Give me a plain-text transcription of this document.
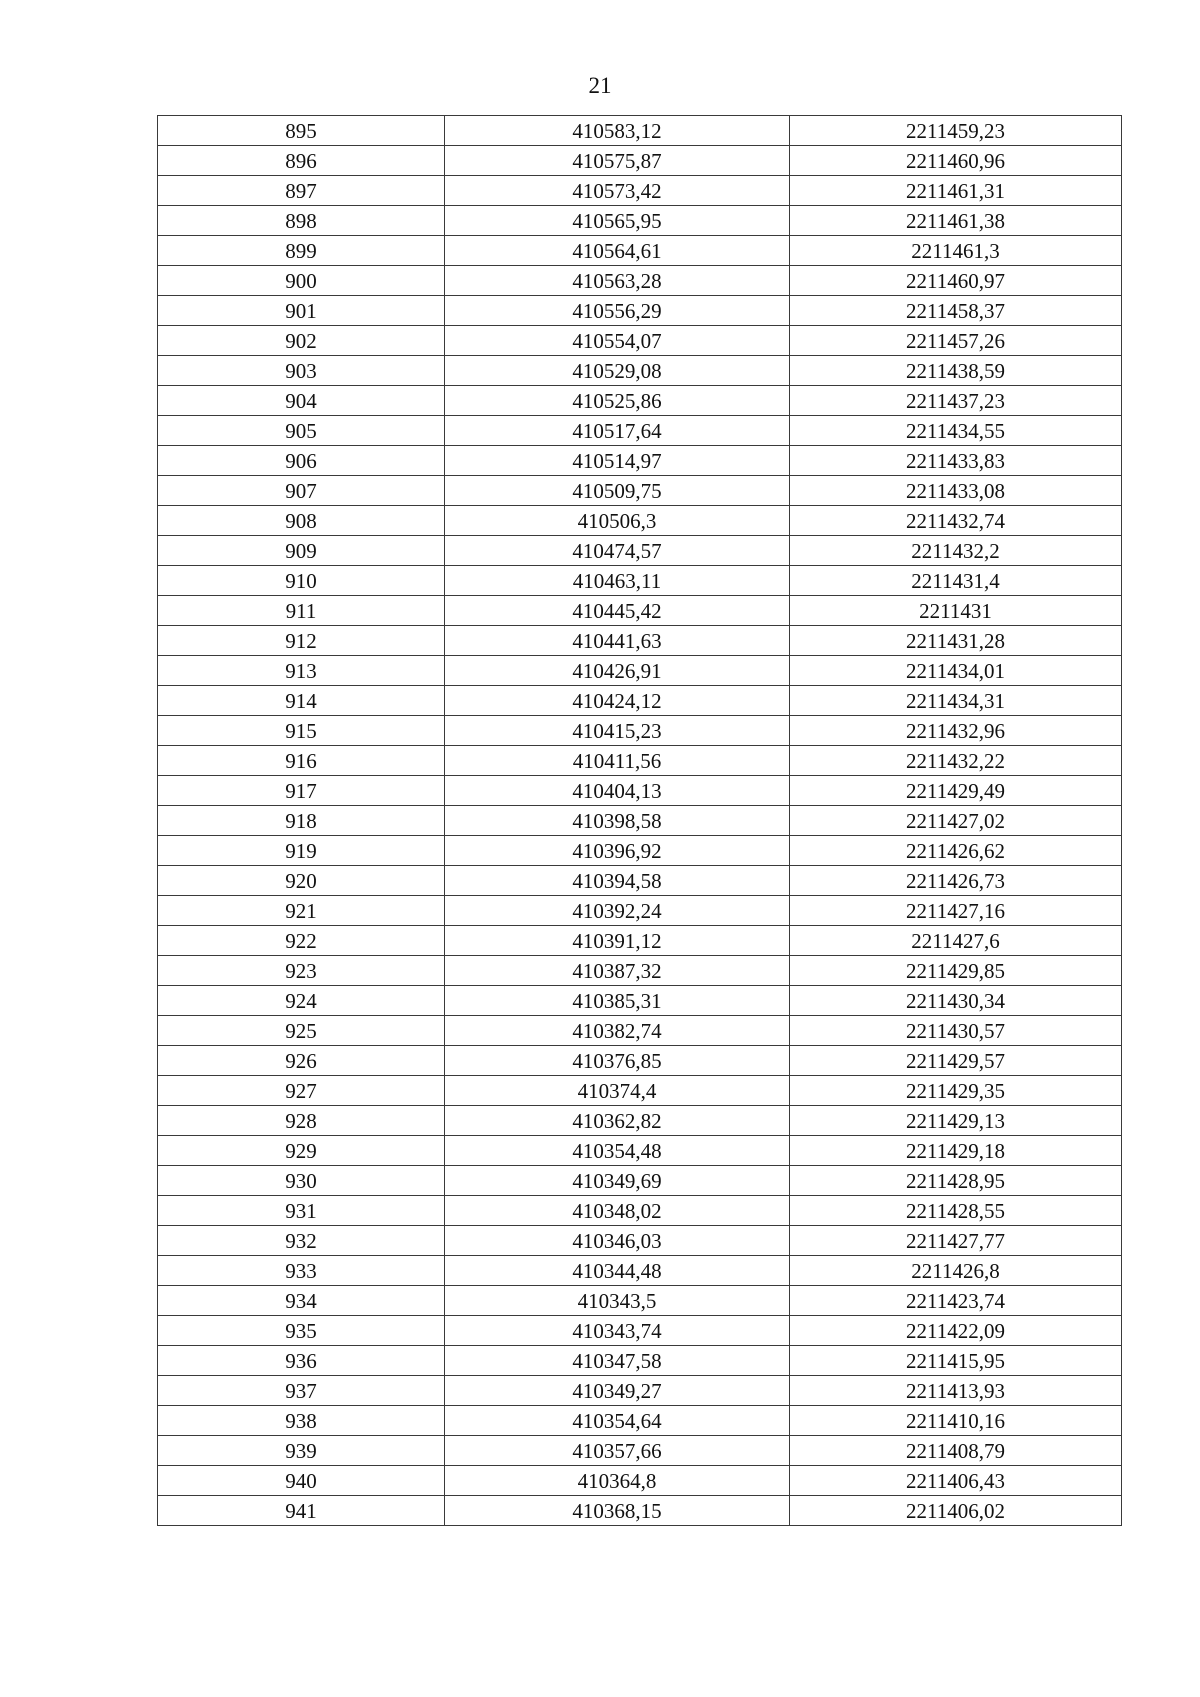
21
895	410583,12	2211459,23
896	410575,87	2211460,96
897	410573,42	2211461,31
898	410565,95	2211461,38
899	410564,61	2211461,3
900	410563,28	2211460,97
901	410556,29	2211458,37
902	410554,07	2211457,26
903	410529,08	2211438,59
904	410525,86	2211437,23
905	410517,64	2211434,55
906	410514,97	2211433,83
907	410509,75	2211433,08
908	410506,3	2211432,74
909	410474,57	2211432,2
910	410463,11	2211431,4
911	410445,42	2211431
912	410441,63	2211431,28
913	410426,91	2211434,01
914	410424,12	2211434,31
915	410415,23	2211432,96
916	410411,56	2211432,22
917	410404,13	2211429,49
918	410398,58	2211427,02
919	410396,92	2211426,62
920	410394,58	2211426,73
921	410392,24	2211427,16
922	410391,12	2211427,6
923	410387,32	2211429,85
924	410385,31	2211430,34
925	410382,74	2211430,57
926	410376,85	2211429,57
927	410374,4	2211429,35
928	410362,82	2211429,13
929	410354,48	2211429,18
930	410349,69	2211428,95
931	410348,02	2211428,55
932	410346,03	2211427,77
933	410344,48	2211426,8
934	410343,5	2211423,74
935	410343,74	2211422,09
936	410347,58	2211415,95
937	410349,27	2211413,93
938	410354,64	2211410,16
939	410357,66	2211408,79
940	410364,8	2211406,43
941	410368,15	2211406,02
